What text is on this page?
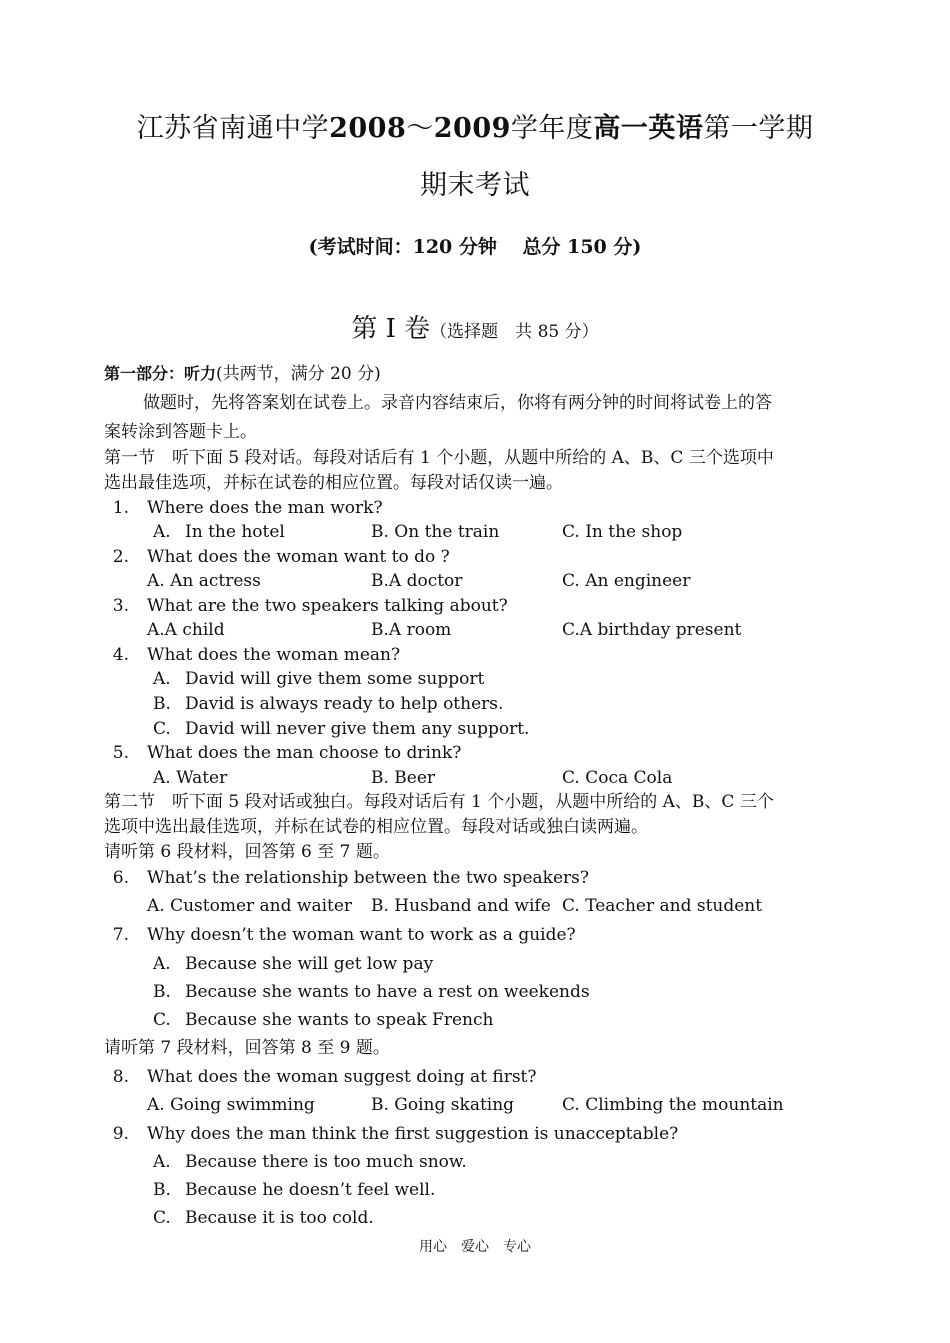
江苏省南通中学2008～2009学年度高一英语第一学期
期末考试
(考试时间：120 分钟　 总分 150 分)
第 I 卷（选择题　共 85 分）
第一部分：听力(共两节，满分 20 分)
做题时，先将答案划在试卷上。录音内容结束后，你将有两分钟的时间将试卷上的答
案转涂到答题卡上。
第一节　听下面 5 段对话。每段对话后有 1 个小题，从题中所给的 A、B、C 三个选项中
选出最佳选项，并标在试卷的相应位置。每段对话仅读一遍。
1. Where does the man work?
A. In the hotel	B. On the train	C. In the shop
2. What does the woman want to do ?
A. An actress	B.A doctor	C. An engineer
3. What are the two speakers talking about?
A.A child	B.A room	C.A birthday present
4. What does the woman mean?
A. David will give them some support
B. David is always ready to help others.
C. David will never give them any support.
5. What does the man choose to drink?
A. Water	B. Beer	C. Coca Cola
第二节　听下面 5 段对话或独白。每段对话后有 1 个小题，从题中所给的 A、B、C 三个
选项中选出最佳选项，并标在试卷的相应位置。每段对话或独白读两遍。
请听第 6 段材料，回答第 6 至 7 题。
6. What’s the relationship between the two speakers?
A. Customer and waiter B. Husband and wife C. Teacher and student
7. Why doesn’t the woman want to work as a guide?
A. Because she will get low pay
B. Because she wants to have a rest on weekends
C. Because she wants to speak French
请听第 7 段材料，回答第 8 至 9 题。
8. What does the woman suggest doing at first?
A. Going swimming	B. Going skating	C. Climbing the mountain
9. Why does the man think the first suggestion is unacceptable?
A. Because there is too much snow.
B. Because he doesn’t feel well.
C. Because it is too cold.
用心　爱心　专心
